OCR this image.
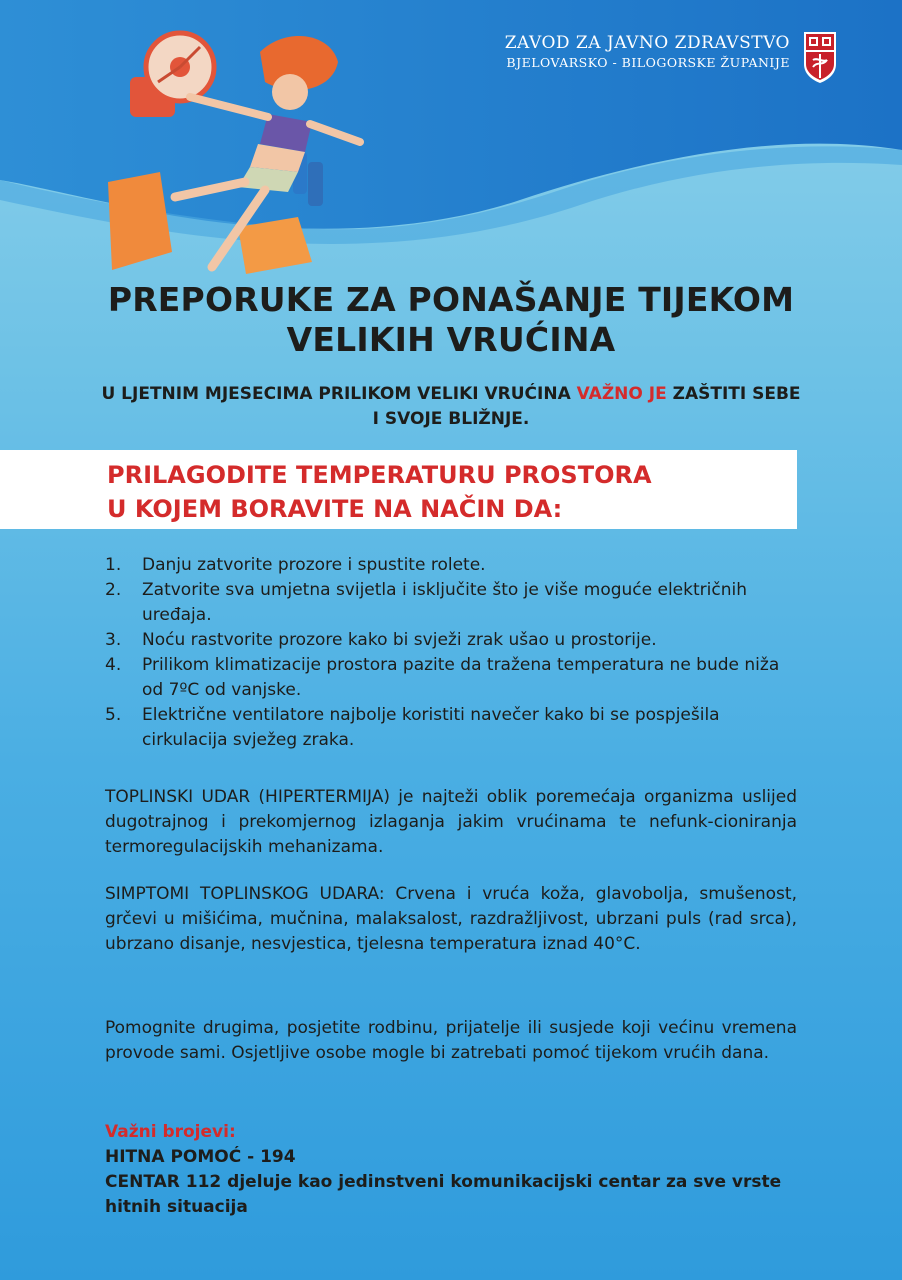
ZAVOD ZA JAVNO ZDRAVSTVO
BJELOVARSKO - BILOGORSKE ŽUPANIJE
PREPORUKE ZA PONAŠANJE TIJEKOM
VELIKIH VRUĆINA
U LJETNIM MJESECIMA PRILIKOM VELIKI VRUĆINA VAŽNO JE ZAŠTITI SEBE I SVOJE BLIŽNJE.
PRILAGODITE TEMPERATURU PROSTORA
U KOJEM BORAVITE NA NAČIN DA:
1.	Danju zatvorite prozore i spustite rolete.
2.	Zatvorite sva umjetna svijetla i isključite što je više moguće električnih uređaja.
3.	Noću rastvorite prozore kako bi svježi zrak ušao u prostorije.
4.	Prilikom klimatizacije prostora pazite da tražena temperatura ne bude niža od 7ºC od vanjske.
5.	Električne ventilatore najbolje koristiti navečer kako bi se pospješila cirkulacija svježeg zraka.
TOPLINSKI UDAR (HIPERTERMIJA) je najteži oblik poremećaja organizma uslijed dugotrajnog i prekomjernog izlaganja jakim vrućinama te nefunk-cioniranja termoregulacijskih mehanizama.
SIMPTOMI TOPLINSKOG UDARA: Crvena i vruća koža, glavobolja, smušenost, grčevi u mišićima, mučnina, malaksalost, razdražljivost, ubrzani puls (rad srca), ubrzano disanje, nesvjestica, tjelesna temperatura iznad 40°C.
Pomognite drugima, posjetite rodbinu, prijatelje ili susjede koji većinu vremena provode sami. Osjetljive osobe mogle bi zatrebati pomoć tijekom vrućih dana.
Važni brojevi:
HITNA POMOĆ - 194
CENTAR 112 djeluje kao jedinstveni komunikacijski centar za sve vrste hitnih situacija
